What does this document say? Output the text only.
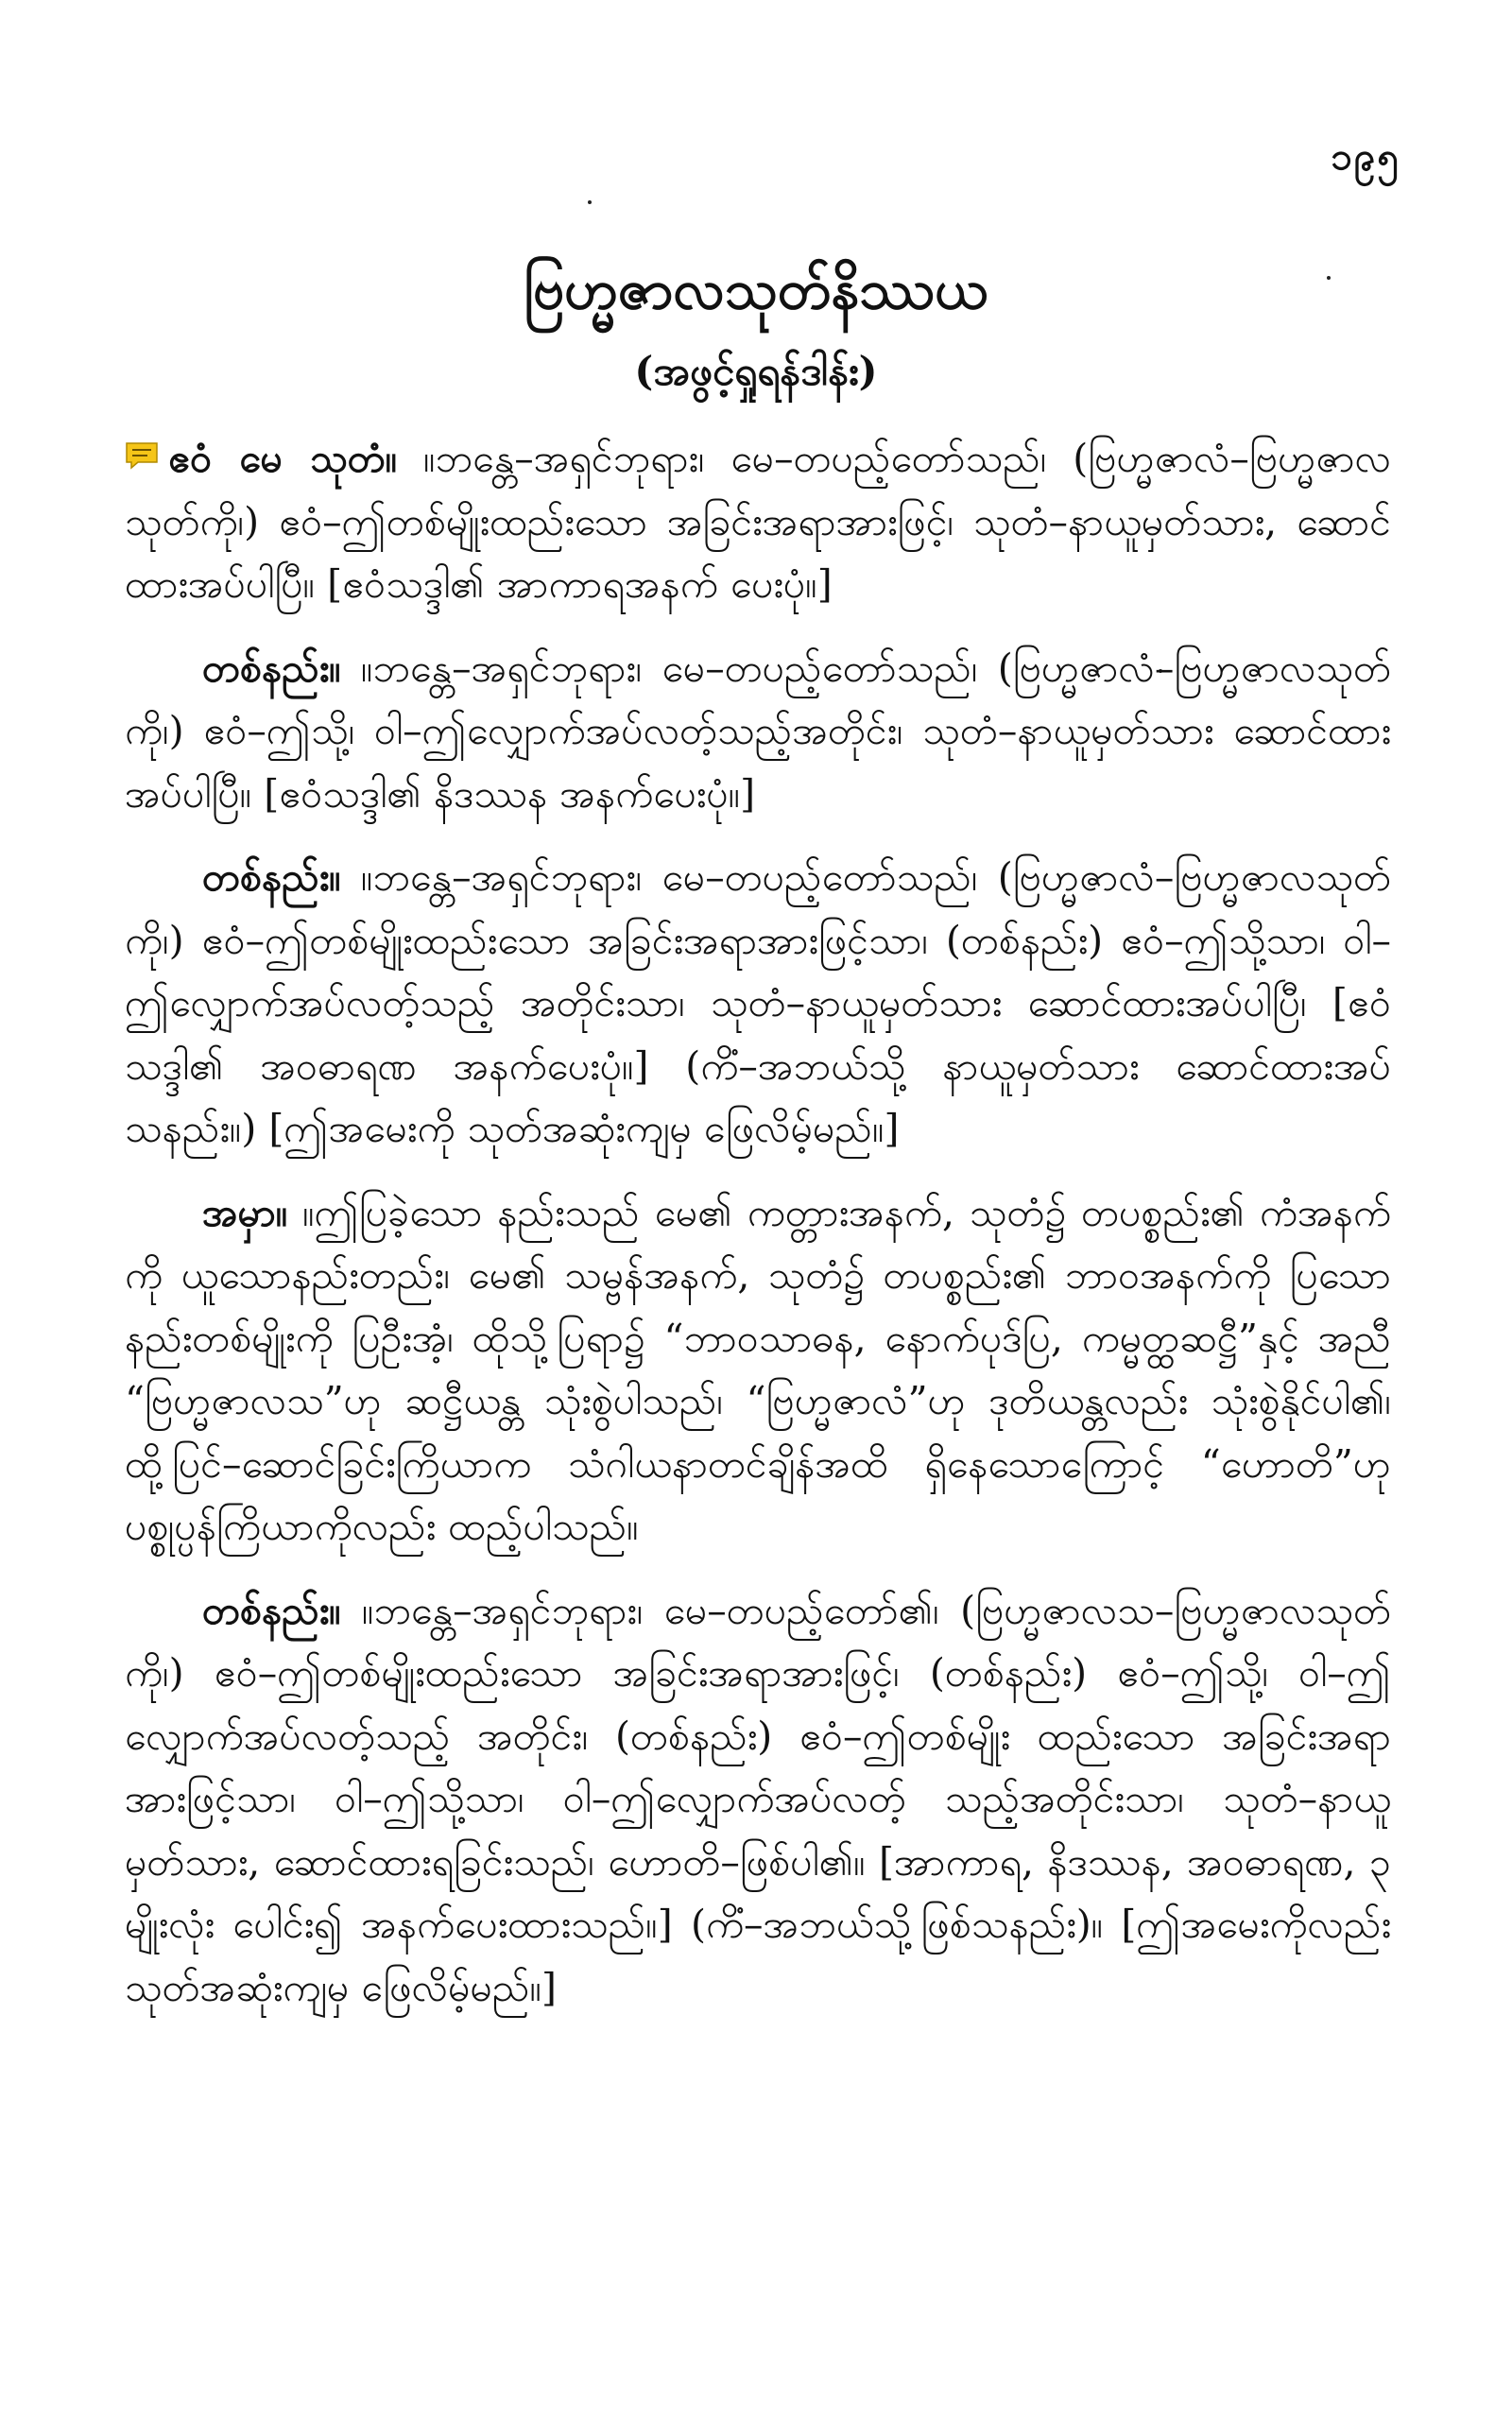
၁၉၅
ဗြဟ္မဇာလသုတ်နိဿယ
(အဖွင့်ရှုရန်ဒါန်း)

ဧဝံ မေ သုတံ။ ။ဘန္တေ–အရှင်ဘုရား၊ မေ–တပည့်တော်သည်၊ (ဗြဟ္မဇာလံ–ဗြဟ္မဇာလသုတ်ကို၊) ဧဝံ–ဤတစ်မျိုးထည်းသော အခြင်းအရာအားဖြင့်၊ သုတံ–နာယူမှတ်သား, ဆောင်ထားအပ်ပါပြီ။ [ဧဝံသဒ္ဒါ၏ အာကာရအနက် ပေးပုံ။]

တစ်နည်း။ ။ဘန္တေ–အရှင်ဘုရား၊ မေ–တပည့်တော်သည်၊ (ဗြဟ္မဇာလံ–ဗြဟ္မဇာလသုတ်ကို၊) ဧဝံ–ဤသို့၊ ဝါ–ဤလျှောက်အပ်လတ့်သည့်အတိုင်း၊ သုတံ–နာယူမှတ်သား ဆောင်ထားအပ်ပါပြီ။ [ဧဝံသဒ္ဒါ၏ နိဒဿန အနက်ပေးပုံ။]

တစ်နည်း။ ။ဘန္တေ–အရှင်ဘုရား၊ မေ–တပည့်တော်သည်၊ (ဗြဟ္မဇာလံ–ဗြဟ္မဇာလသုတ်ကို၊) ဧဝံ–ဤတစ်မျိုးထည်းသော အခြင်းအရာအားဖြင့်သာ၊ (တစ်နည်း) ဧဝံ–ဤသို့သာ၊ ဝါ–ဤလျှောက်အပ်လတ့်သည့် အတိုင်းသာ၊ သုတံ–နာယူမှတ်သား ဆောင်ထားအပ်ပါပြီ၊ [ဧဝံသဒ္ဒါ၏ အဝဓာရဏ အနက်ပေးပုံ။] (ကိံ–အဘယ်သို့ နာယူမှတ်သား ဆောင်ထားအပ်သနည်း။) [ဤအမေးကို သုတ်အဆုံးကျမှ ဖြေလိမ့်မည်။]

အမှာ။ ။ဤပြခဲ့သော နည်းသည် မေ၏ ကတ္တားအနက်, သုတံ၌ တပစ္စည်း၏ ကံအနက်ကို ယူသောနည်းတည်း၊ မေ၏ သမ္ဗန်အနက်, သုတံ၌ တပစ္စည်း၏ ဘာဝအနက်ကို ပြသော နည်းတစ်မျိုးကို ပြဦးအံ့၊ ထိုသို့ပြရာ၌ “ဘာဝသာဓန, နောက်ပုဒ်ပြ, ကမ္မတ္ထဆဋ္ဌီ”နှင့် အညီ “ဗြဟ္မဇာလသ”ဟု ဆဋ္ဌီယန္တ သုံးစွဲပါသည်၊ “ဗြဟ္မဇာလံ”ဟု ဒုတိယန္တလည်း သုံးစွဲနိုင်ပါ၏၊ ထို့ပြင်–ဆောင်ခြင်းကြိယာက သံဂါယနာတင်ချိန်အထိ ရှိနေသောကြောင့် “ဟောတိ”ဟု ပစ္စုပ္ပန်ကြိယာကိုလည်း ထည့်ပါသည်။

တစ်နည်း။ ။ဘန္တေ–အရှင်ဘုရား၊ မေ–တပည့်တော်၏၊ (ဗြဟ္မဇာလသ–ဗြဟ္မဇာလသုတ်ကို၊) ဧဝံ–ဤတစ်မျိုးထည်းသော အခြင်းအရာအားဖြင့်၊ (တစ်နည်း) ဧဝံ–ဤသို့၊ ဝါ–ဤလျှောက်အပ်လတ့်သည့် အတိုင်း၊ (တစ်နည်း) ဧဝံ–ဤတစ်မျိုး ထည်းသော အခြင်းအရာအားဖြင့်သာ၊ ဝါ–ဤသို့သာ၊ ဝါ–ဤလျှောက်အပ်လတ့် သည့်အတိုင်းသာ၊ သုတံ–နာယူမှတ်သား, ဆောင်ထားရခြင်းသည်၊ ဟောတိ–ဖြစ်ပါ၏။ [အာကာရ, နိဒဿန, အဝဓာရဏ, ၃ မျိုးလုံး ပေါင်း၍ အနက်ပေးထားသည်။] (ကိံ–အဘယ်သို့ဖြစ်သနည်း)။ [ဤအမေးကိုလည်း သုတ်အဆုံးကျမှ ဖြေလိမ့်မည်။]
